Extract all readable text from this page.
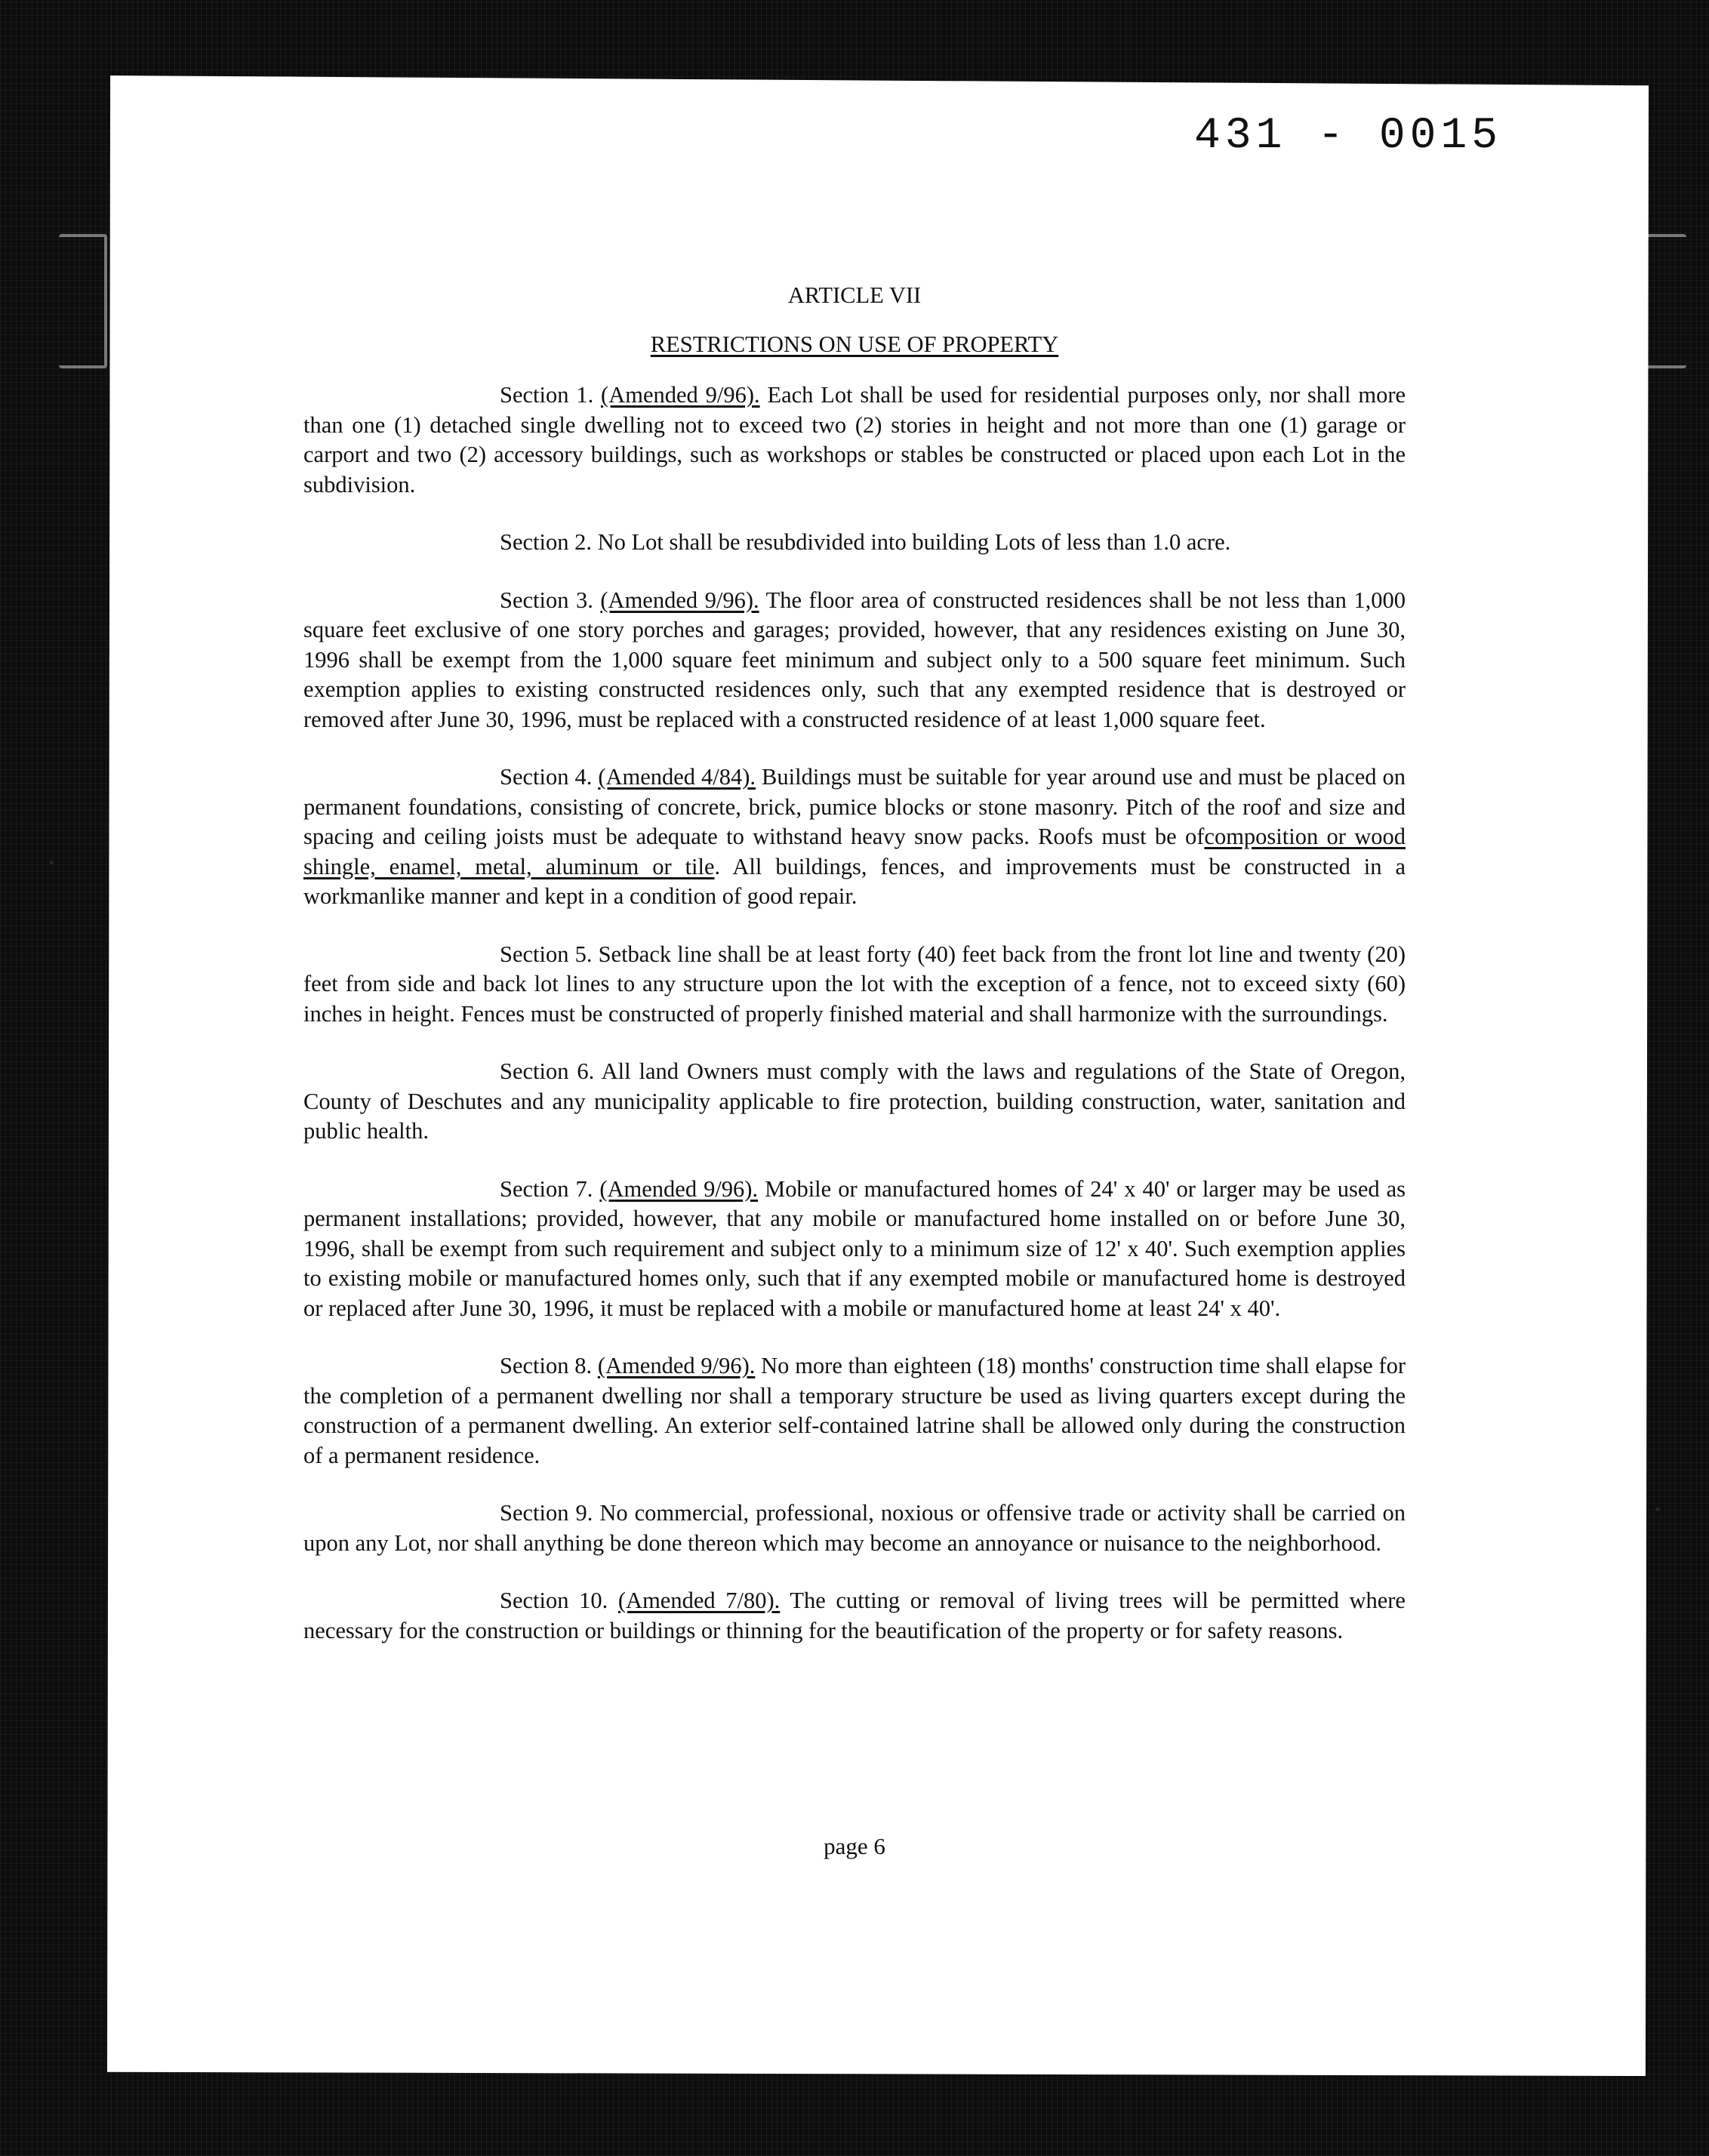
431 - 0015

ARTICLE VII

RESTRICTIONS ON USE OF PROPERTY

Section 1. (Amended 9/96). Each Lot shall be used for residential purposes only, nor shall more than one (1) detached single dwelling not to exceed two (2) stories in height and not more than one (1) garage or carport and two (2) accessory buildings, such as workshops or stables be constructed or placed upon each Lot in the subdivision.

Section 2. No Lot shall be resubdivided into building Lots of less than 1.0 acre.

Section 3. (Amended 9/96). The floor area of constructed residences shall be not less than 1,000 square feet exclusive of one story porches and garages; provided, however, that any residences existing on June 30, 1996 shall be exempt from the 1,000 square feet minimum and subject only to a 500 square feet minimum. Such exemption applies to existing constructed residences only, such that any exempted residence that is destroyed or removed after June 30, 1996, must be replaced with a constructed residence of at least 1,000 square feet.

Section 4. (Amended 4/84). Buildings must be suitable for year around use and must be placed on permanent foundations, consisting of concrete, brick, pumice blocks or stone masonry. Pitch of the roof and size and spacing and ceiling joists must be adequate to withstand heavy snow packs. Roofs must be ofcomposition or wood shingle, enamel, metal, aluminum or tile. All buildings, fences, and improvements must be constructed in a workmanlike manner and kept in a condition of good repair.

Section 5. Setback line shall be at least forty (40) feet back from the front lot line and twenty (20) feet from side and back lot lines to any structure upon the lot with the exception of a fence, not to exceed sixty (60) inches in height. Fences must be constructed of properly finished material and shall harmonize with the surroundings.

Section 6. All land Owners must comply with the laws and regulations of the State of Oregon, County of Deschutes and any municipality applicable to fire protection, building construction, water, sanitation and public health.

Section 7. (Amended 9/96). Mobile or manufactured homes of 24' x 40' or larger may be used as permanent installations; provided, however, that any mobile or manufactured home installed on or before June 30, 1996, shall be exempt from such requirement and subject only to a minimum size of 12' x 40'. Such exemption applies to existing mobile or manufactured homes only, such that if any exempted mobile or manufactured home is destroyed or replaced after June 30, 1996, it must be replaced with a mobile or manufactured home at least 24' x 40'.

Section 8. (Amended 9/96). No more than eighteen (18) months' construction time shall elapse for the completion of a permanent dwelling nor shall a temporary structure be used as living quarters except during the construction of a permanent dwelling. An exterior self-contained latrine shall be allowed only during the construction of a permanent residence.

Section 9. No commercial, professional, noxious or offensive trade or activity shall be carried on upon any Lot, nor shall anything be done thereon which may become an annoyance or nuisance to the neighborhood.

Section 10. (Amended 7/80). The cutting or removal of living trees will be permitted where necessary for the construction or buildings or thinning for the beautification of the property or for safety reasons.

page 6
